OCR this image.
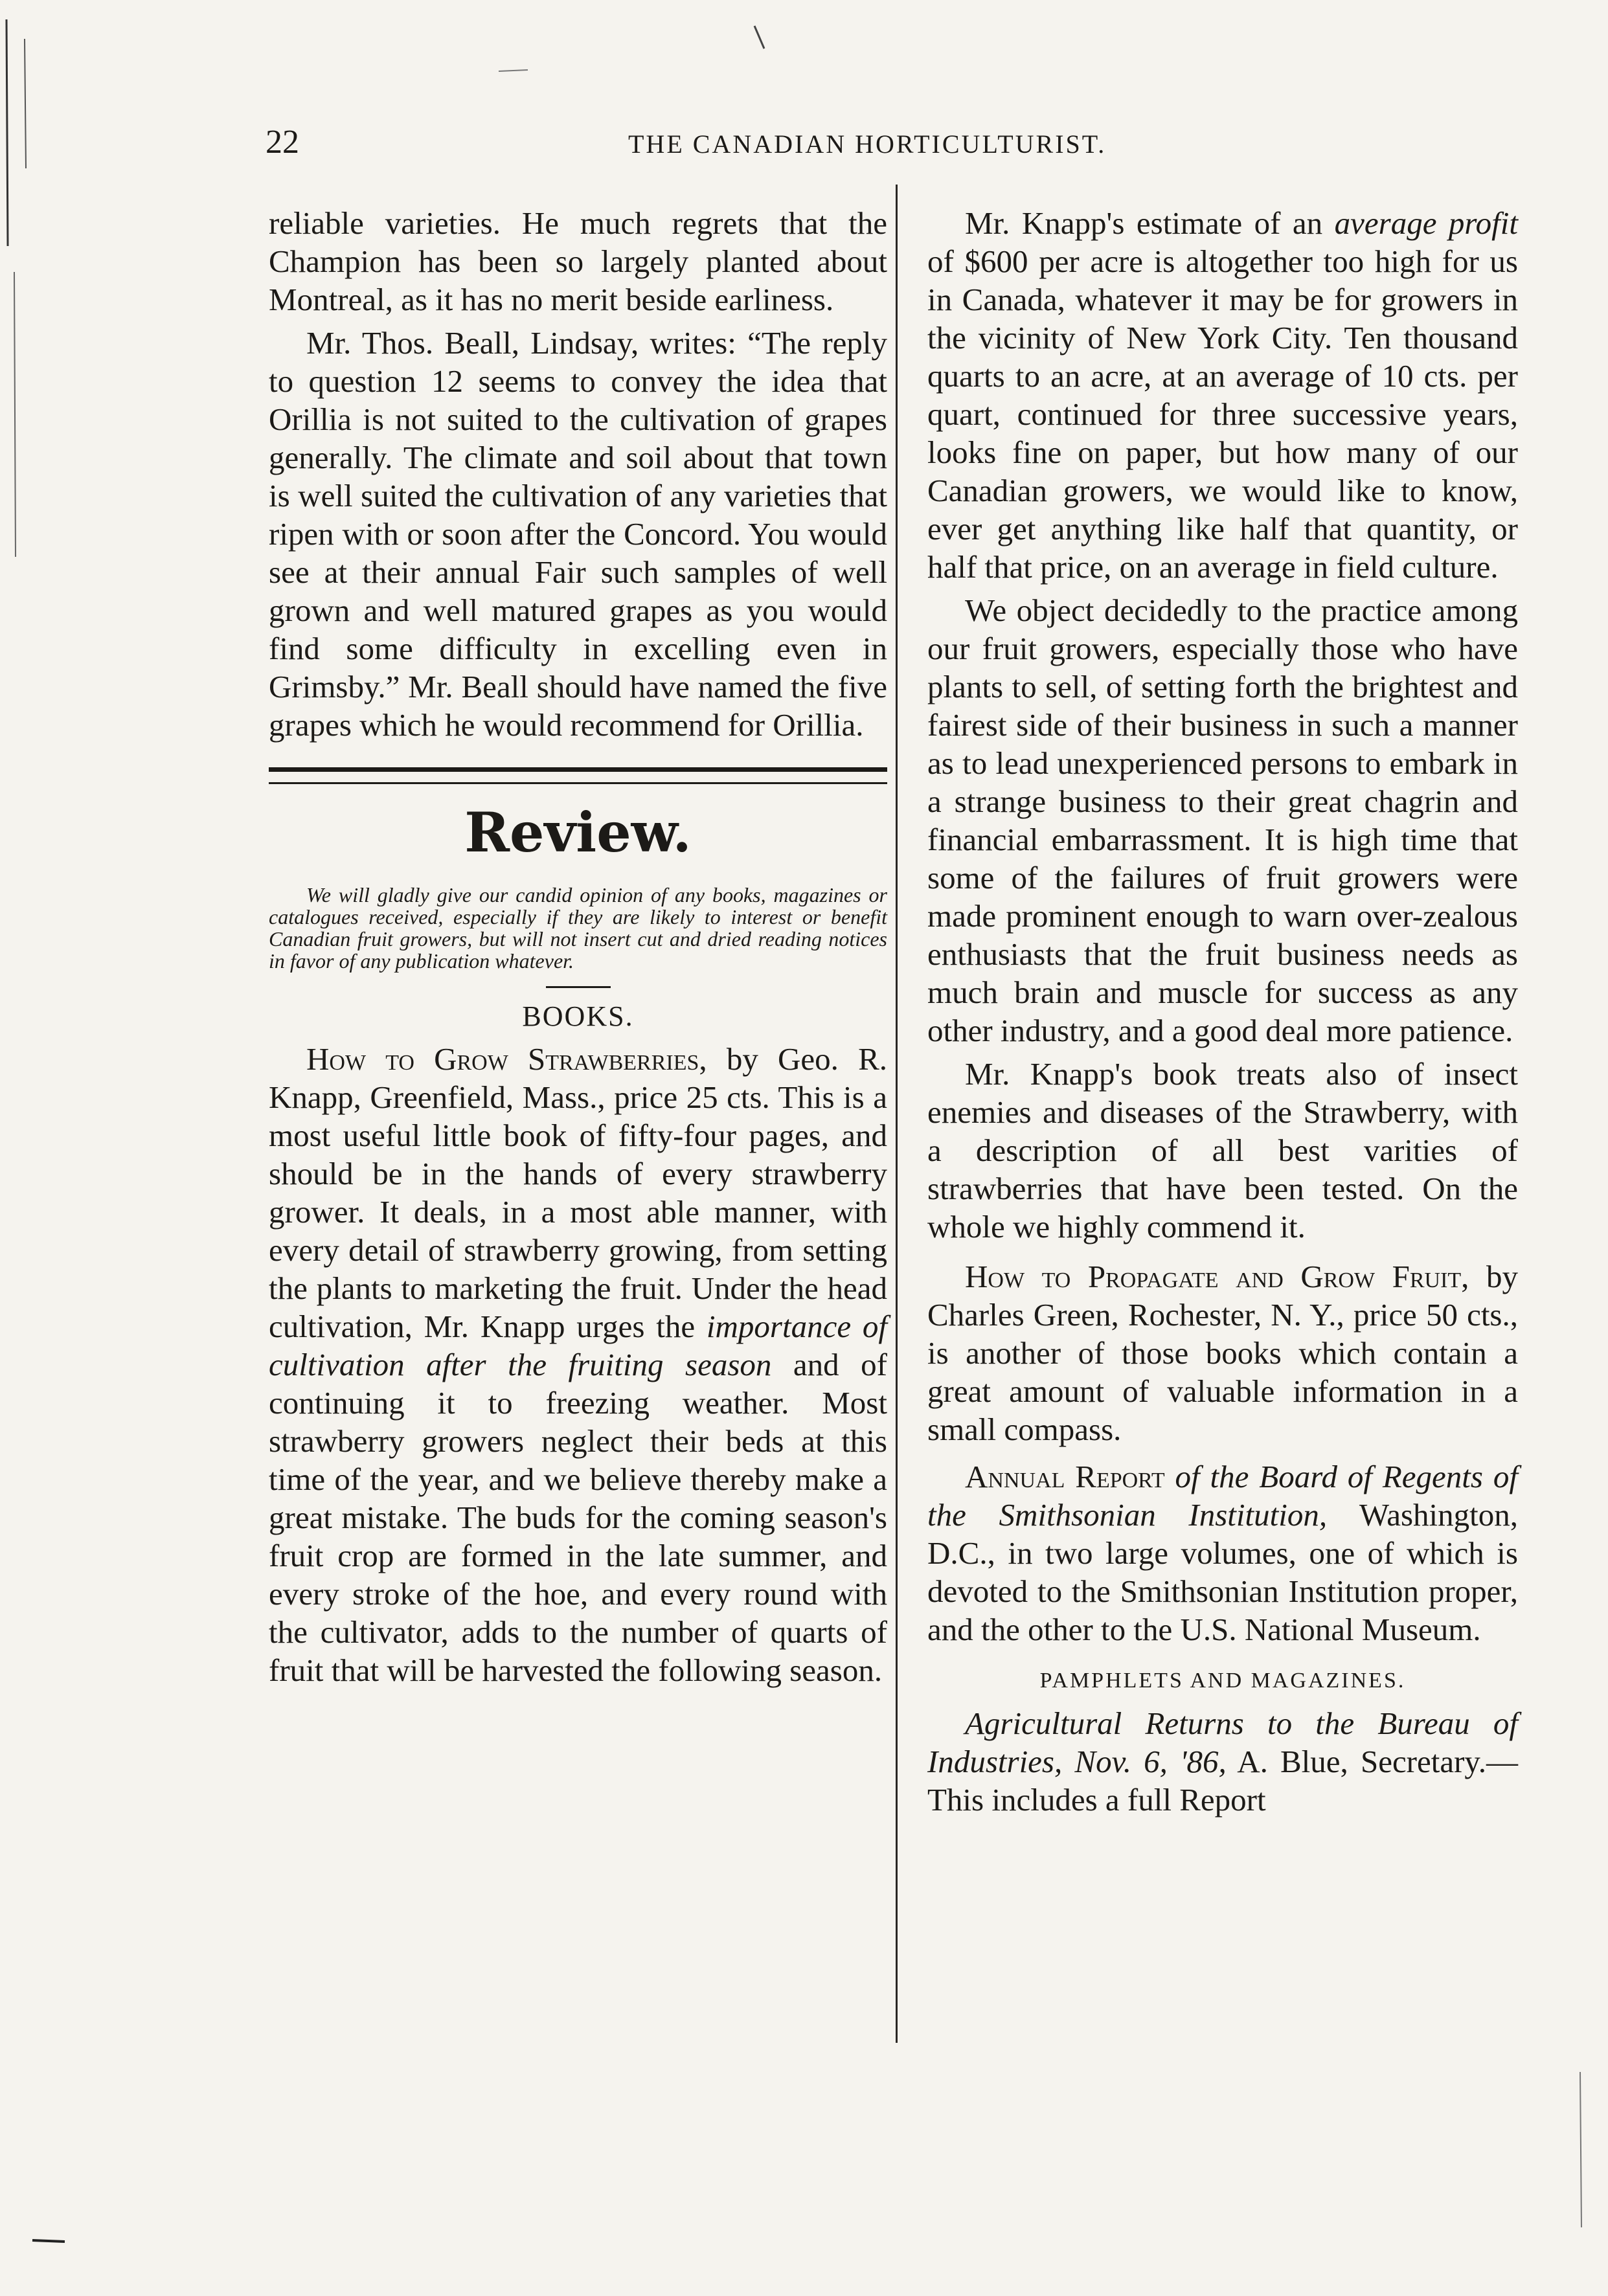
22	THE CANADIAN HORTICULTURIST.

reliable varieties. He much regrets that the Champion has been so largely planted about Montreal, as it has no merit beside earliness.

Mr. Thos. Beall, Lindsay, writes: “The reply to question 12 seems to convey the idea that Orillia is not suited to the cultivation of grapes generally. The climate and soil about that town is well suited the cultivation of any varieties that ripen with or soon after the Concord. You would see at their annual Fair such samples of well grown and well matured grapes as you would find some difficulty in excelling even in Grimsby.” Mr. Beall should have named the five grapes which he would recommend for Orillia.

Review.

We will gladly give our candid opinion of any books, magazines or catalogues received, especially if they are likely to interest or benefit Canadian fruit growers, but will not insert cut and dried reading notices in favor of any publication whatever.

BOOKS.

How to Grow Strawberries, by Geo. R. Knapp, Greenfield, Mass., price 25 cts. This is a most useful little book of fifty-four pages, and should be in the hands of every strawberry grower. It deals, in a most able manner, with every detail of strawberry growing, from setting the plants to marketing the fruit. Under the head cultivation, Mr. Knapp urges the importance of cultivation after the fruiting season and of continuing it to freezing weather. Most strawberry growers neglect their beds at this time of the year, and we believe thereby make a great mistake. The buds for the coming season's fruit crop are formed in the late summer, and every stroke of the hoe, and every round with the cultivator, adds to the number of quarts of fruit that will be harvested the following season.

Mr. Knapp's estimate of an average profit of $600 per acre is altogether too high for us in Canada, whatever it may be for growers in the vicinity of New York City. Ten thousand quarts to an acre, at an average of 10 cts. per quart, continued for three successive years, looks fine on paper, but how many of our Canadian growers, we would like to know, ever get anything like half that quantity, or half that price, on an average in field culture.

We object decidedly to the practice among our fruit growers, especially those who have plants to sell, of setting forth the brightest and fairest side of their business in such a manner as to lead unexperienced persons to embark in a strange business to their great chagrin and financial embarrassment. It is high time that some of the failures of fruit growers were made prominent enough to warn over-zealous enthusiasts that the fruit business needs as much brain and muscle for success as any other industry, and a good deal more patience.

Mr. Knapp's book treats also of insect enemies and diseases of the Strawberry, with a description of all best varities of strawberries that have been tested. On the whole we highly commend it.

How to Propagate and Grow Fruit, by Charles Green, Rochester, N. Y., price 50 cts., is another of those books which contain a great amount of valuable information in a small compass.

Annual Report of the Board of Regents of the Smithsonian Institution, Washington, D.C., in two large volumes, one of which is devoted to the Smithsonian Institution proper, and the other to the U.S. National Museum.

PAMPHLETS AND MAGAZINES.

Agricultural Returns to the Bureau of Industries, Nov. 6, '86, A. Blue, Secretary.—This includes a full Report
